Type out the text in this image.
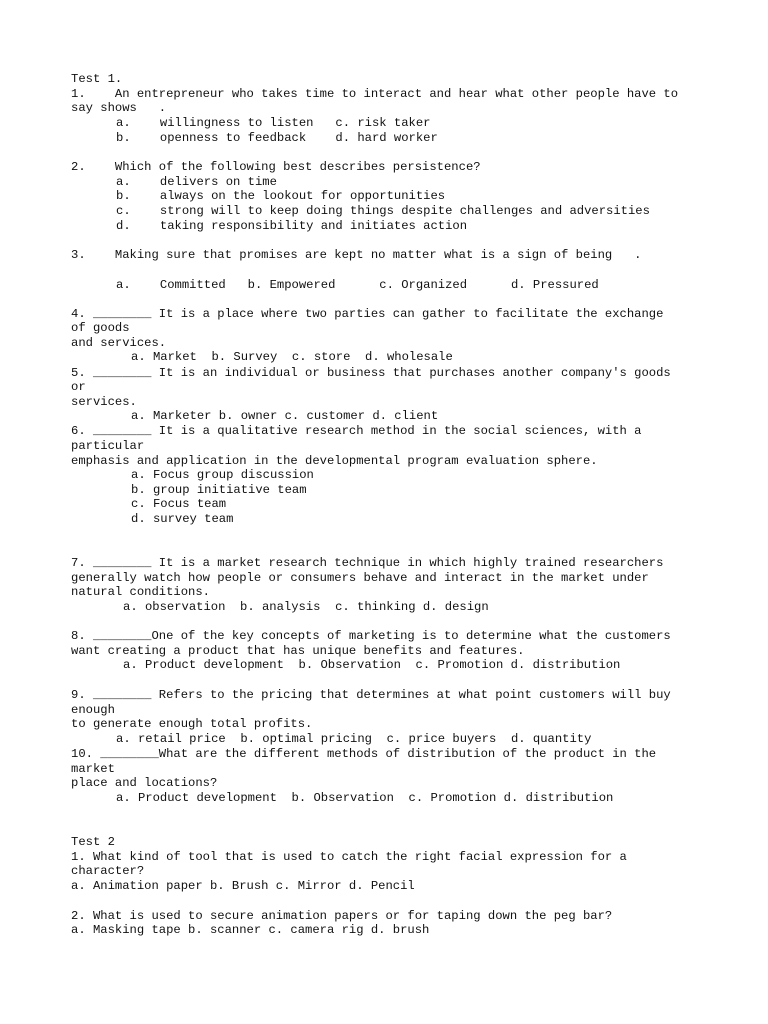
Test 1.
1.    An entrepreneur who takes time to interact and hear what other people have to
say shows   .
a.    willingness to listen   c. risk taker
b.    openness to feedback    d. hard worker
2.    Which of the following best describes persistence?
a.    delivers on time
b.    always on the lookout for opportunities
c.    strong will to keep doing things despite challenges and adversities
d.    taking responsibility and initiates action
3.    Making sure that promises are kept no matter what is a sign of being   .
a.    Committed   b. Empowered      c. Organized      d. Pressured
4. ________ It is a place where two parties can gather to facilitate the exchange
of goods
and services.
a. Market  b. Survey  c. store  d. wholesale
5. ________ It is an individual or business that purchases another company's goods
or
services.
a. Marketer b. owner c. customer d. client
6. ________ It is a qualitative research method in the social sciences, with a
particular
emphasis and application in the developmental program evaluation sphere.
a. Focus group discussion
b. group initiative team
c. Focus team
d. survey team
7. ________ It is a market research technique in which highly trained researchers
generally watch how people or consumers behave and interact in the market under
natural conditions.
a. observation  b. analysis  c. thinking d. design
8. ________One of the key concepts of marketing is to determine what the customers
want creating a product that has unique benefits and features.
a. Product development  b. Observation  c. Promotion d. distribution
9. ________ Refers to the pricing that determines at what point customers will buy
enough
to generate enough total profits.
a. retail price  b. optimal pricing  c. price buyers  d. quantity
10. ________What are the different methods of distribution of the product in the
market
place and locations?
a. Product development  b. Observation  c. Promotion d. distribution
Test 2
1. What kind of tool that is used to catch the right facial expression for a
character?
a. Animation paper b. Brush c. Mirror d. Pencil
2. What is used to secure animation papers or for taping down the peg bar?
a. Masking tape b. scanner c. camera rig d. brush
